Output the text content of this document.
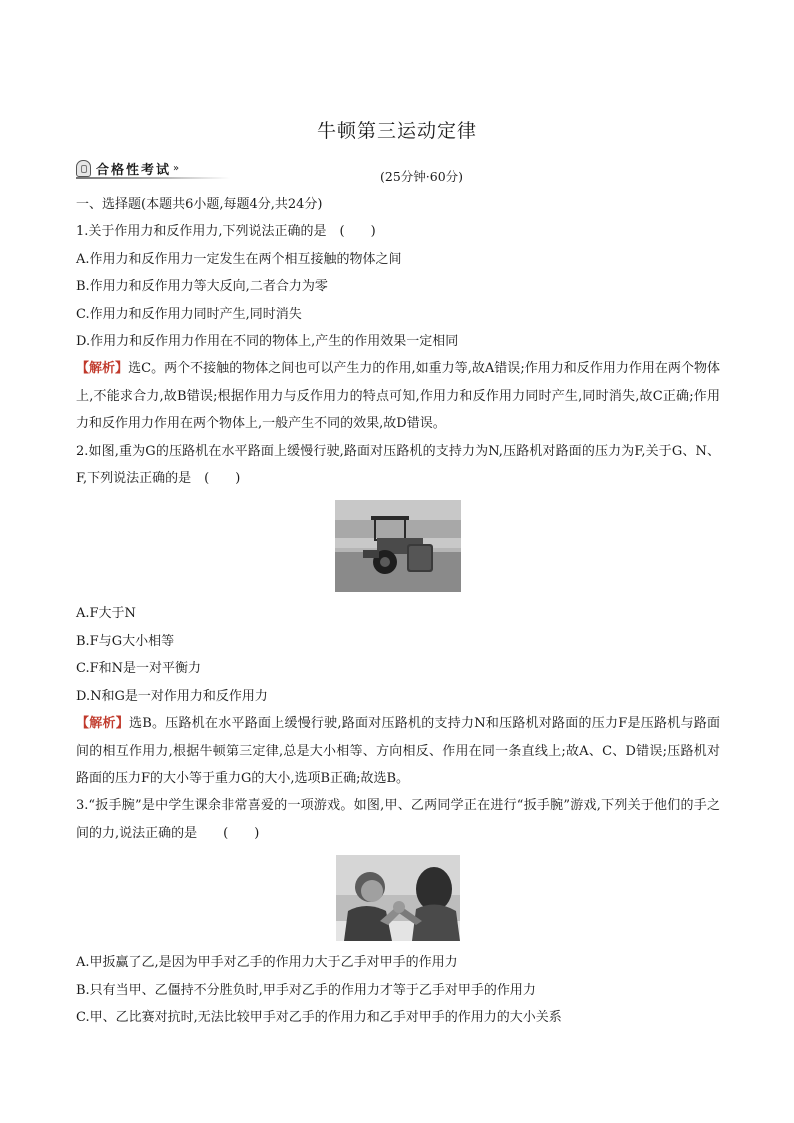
牛顿第三运动定律
合格性考试 »
(25分钟·60分)
一、选择题(本题共6小题,每题4分,共24分)
1.关于作用力和反作用力,下列说法正确的是　(　　)
A.作用力和反作用力一定发生在两个相互接触的物体之间
B.作用力和反作用力等大反向,二者合力为零
C.作用力和反作用力同时产生,同时消失
D.作用力和反作用力作用在不同的物体上,产生的作用效果一定相同
【解析】选C。两个不接触的物体之间也可以产生力的作用,如重力等,故A错误;作用力和反作用力作用在两个物体上,不能求合力,故B错误;根据作用力与反作用力的特点可知,作用力和反作用力同时产生,同时消失,故C正确;作用力和反作用力作用在两个物体上,一般产生不同的效果,故D错误。
2.如图,重为G的压路机在水平路面上缓慢行驶,路面对压路机的支持力为N,压路机对路面的压力为F,关于G、N、F,下列说法正确的是　(　　)
A.F大于N
B.F与G大小相等
C.F和N是一对平衡力
D.N和G是一对作用力和反作用力
【解析】选B。压路机在水平路面上缓慢行驶,路面对压路机的支持力N和压路机对路面的压力F是压路机与路面间的相互作用力,根据牛顿第三定律,总是大小相等、方向相反、作用在同一条直线上;故A、C、D错误;压路机对路面的压力F的大小等于重力G的大小,选项B正确;故选B。
3.“扳手腕”是中学生课余非常喜爱的一项游戏。如图,甲、乙两同学正在进行“扳手腕”游戏,下列关于他们的手之间的力,说法正确的是　　(　　)
A.甲扳赢了乙,是因为甲手对乙手的作用力大于乙手对甲手的作用力
B.只有当甲、乙僵持不分胜负时,甲手对乙手的作用力才等于乙手对甲手的作用力
C.甲、乙比赛对抗时,无法比较甲手对乙手的作用力和乙手对甲手的作用力的大小关系
